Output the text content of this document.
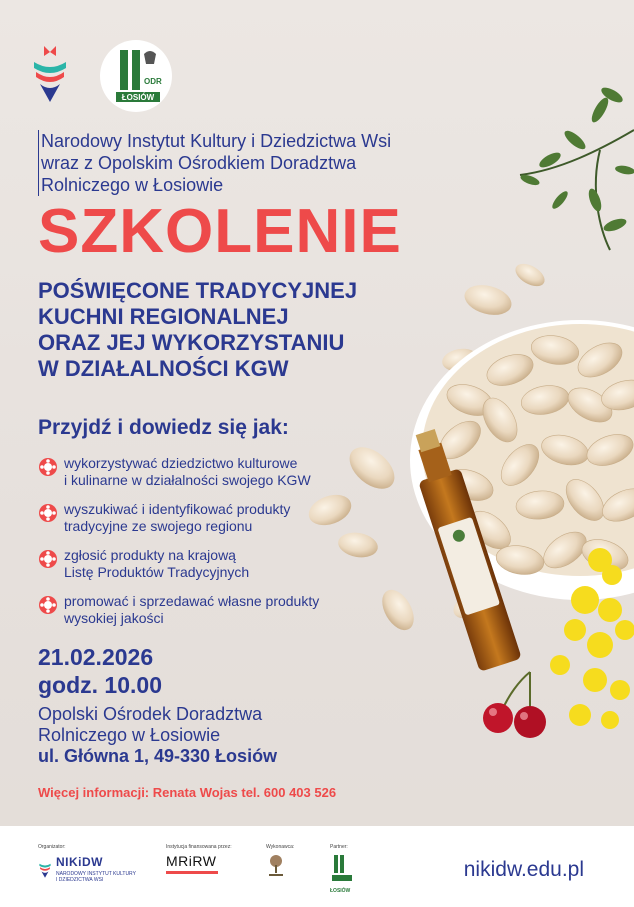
ODR
ŁOSIÓW
Narodowy Instytut Kultury i Dziedzictwa Wsi
wraz z Opolskim Ośrodkiem Doradztwa
Rolniczego w Łosiowie
SZKOLENIE
POŚWIĘCONE TRADYCYJNEJ
KUCHNI REGIONALNEJ
ORAZ JEJ WYKORZYSTANIU
W DZIAŁALNOŚCI KGW
Przyjdź i dowiedz się jak:
wykorzystywać dziedzictwo kulturowe
i kulinarne w działalności swojego KGW
wyszukiwać i identyfikować produkty
tradycyjne ze swojego regionu
zgłosić produkty na krajową
Listę Produktów Tradycyjnych
promować i sprzedawać własne produkty
wysokiej jakości
21.02.2026
godz. 10.00
Opolski Ośrodek Doradztwa
Rolniczego w Łosiowie
ul. Główna 1, 49-330 Łosiów
Więcej informacji: Renata Wojas tel. 600 403 526
Organizator:
NIKiDW
NARODOWY INSTYTUT KULTURY
I DZIEDZICTWA WSI
Instytucja finansowana przez:
MRiRW
Wykonawca:	Partner:
ŁOSIÓW
nikidw.edu.pl
